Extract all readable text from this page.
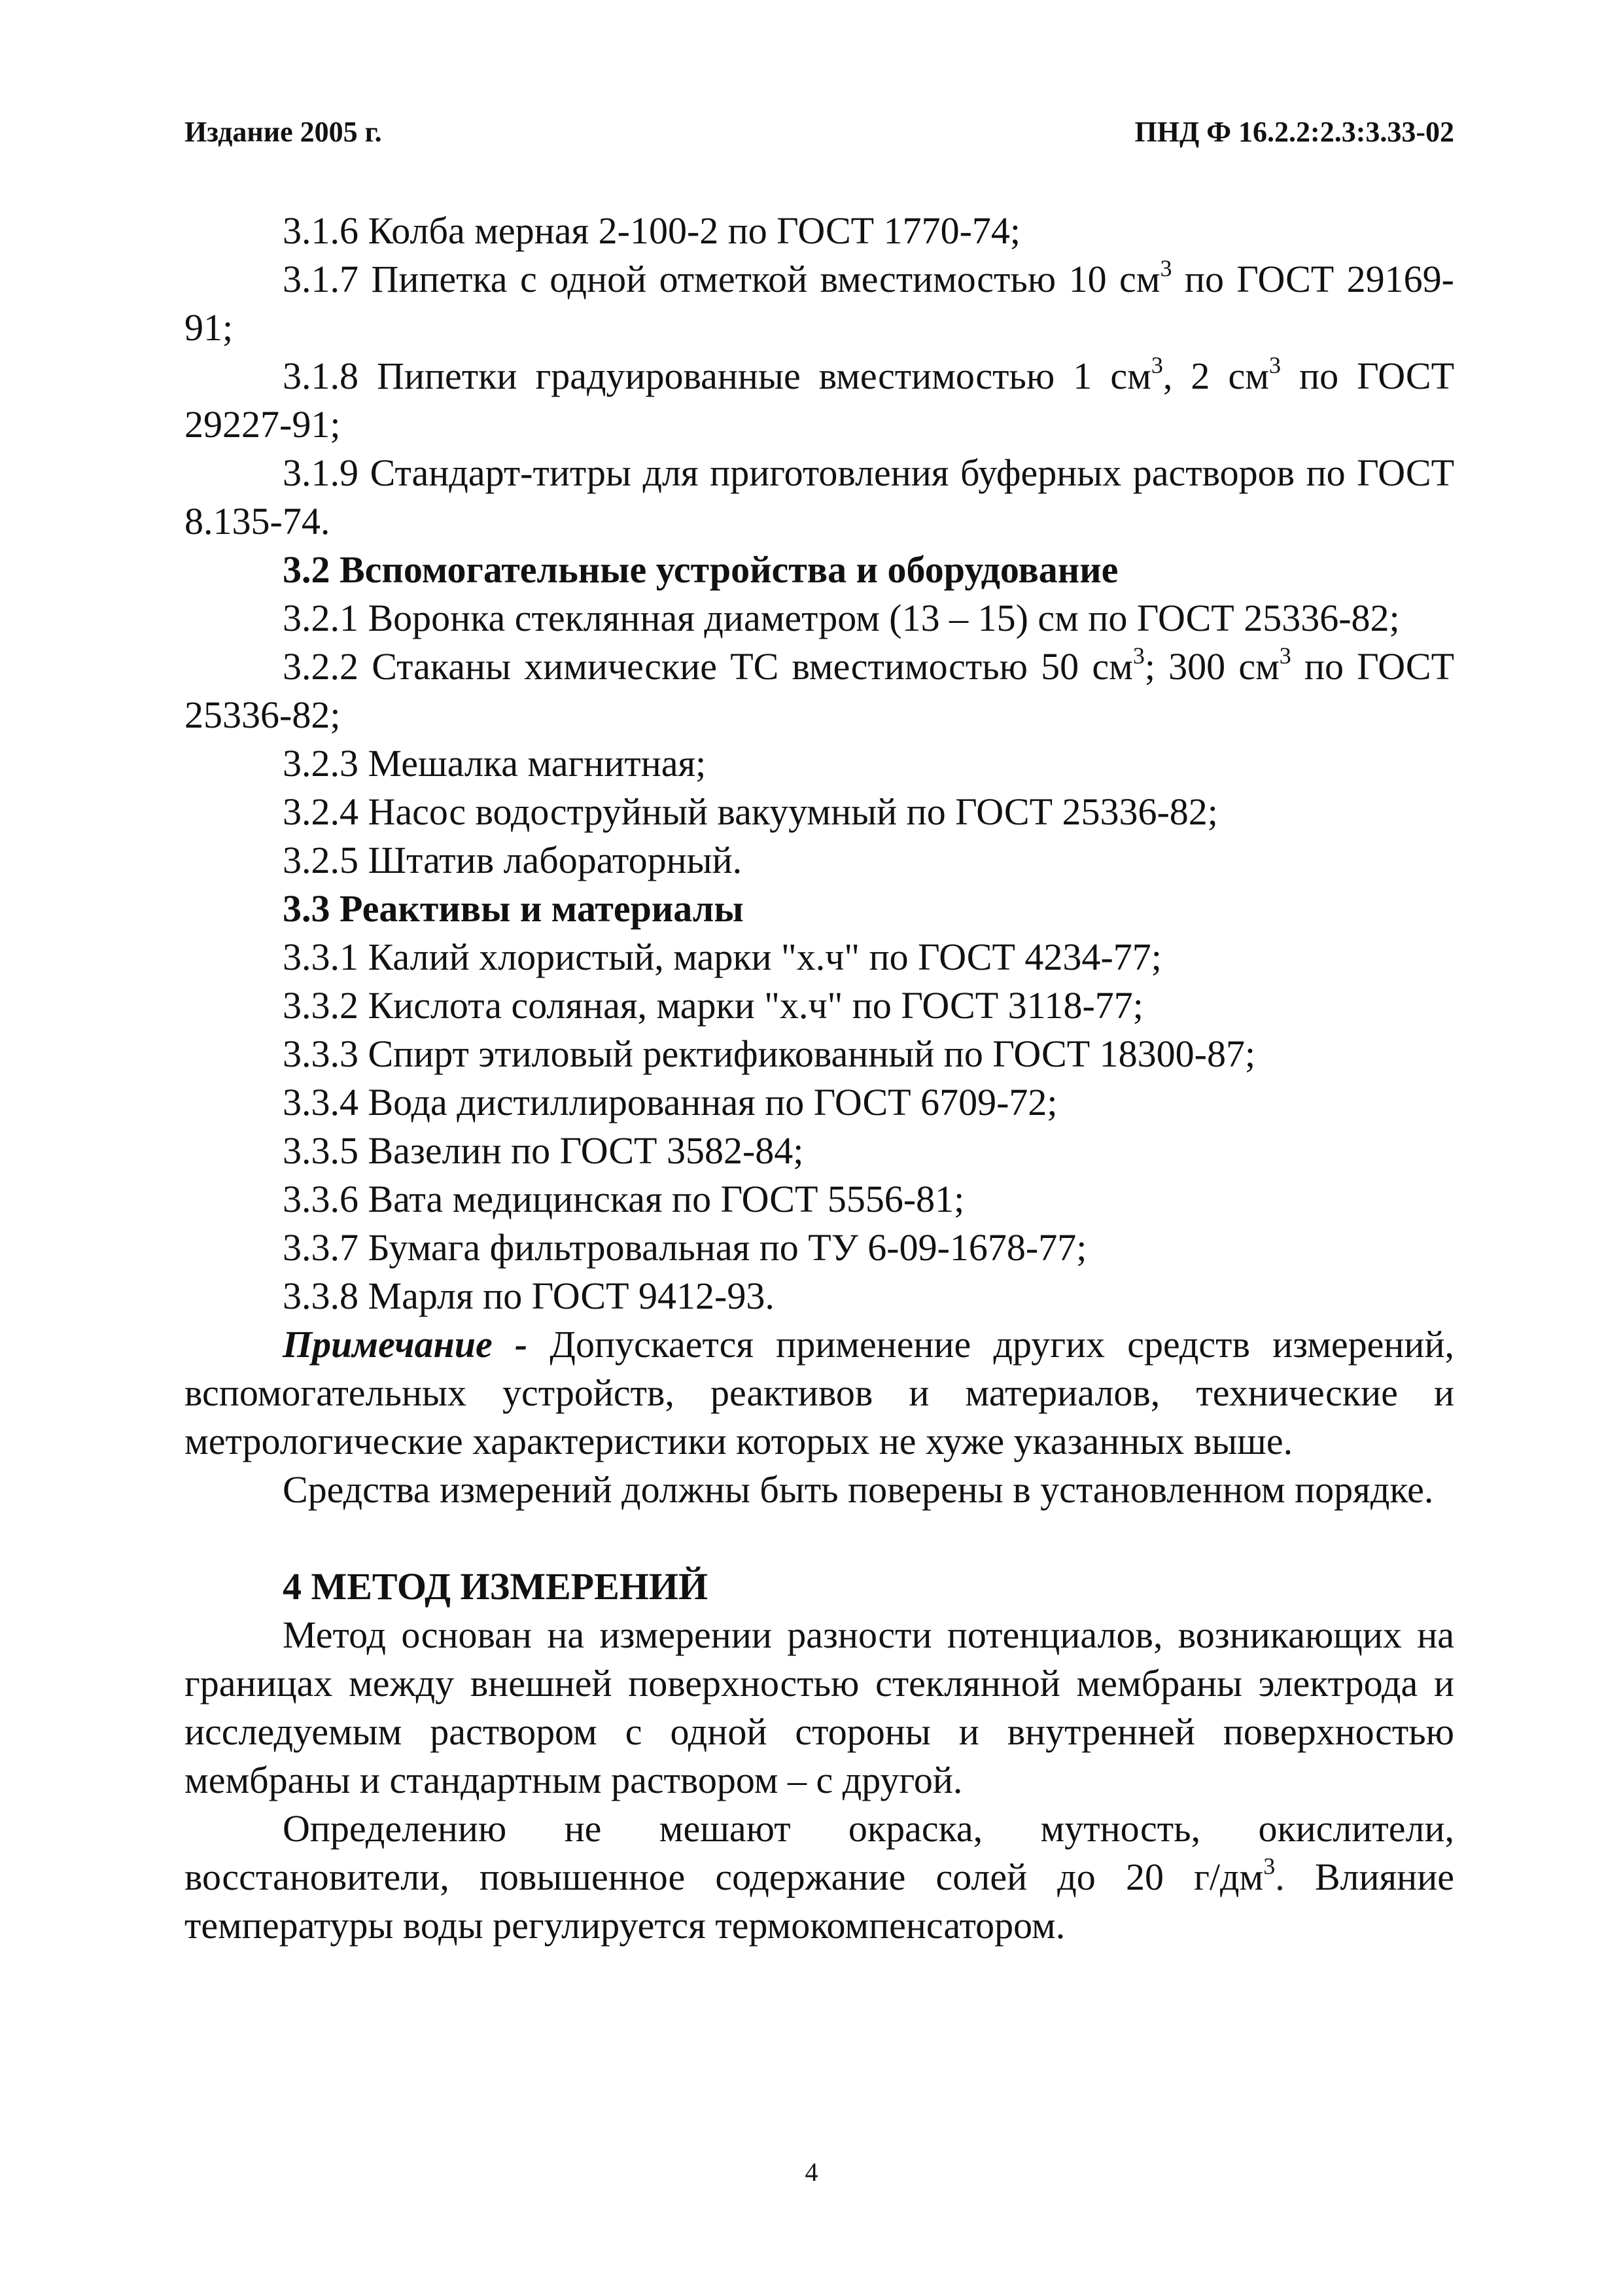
Издание 2005 г.	ПНД Ф 16.2.2:2.3:3.33-02

3.1.6 Колба мерная 2-100-2 по ГОСТ 1770-74;

3.1.7 Пипетка с одной отметкой вместимостью 10 $см^3$ по ГОСТ 29169-91;

3.1.8 Пипетки градуированные вместимостью 1 $см^3$, 2 $см^3$ по ГОСТ 29227-91;

3.1.9 Стандарт-титры для приготовления буферных растворов по ГОСТ 8.135-74.

3.2 Вспомогательные устройства и оборудование

3.2.1 Воронка стеклянная диаметром (13 – 15) см по ГОСТ 25336-82;

3.2.2 Стаканы химические ТС вместимостью 50 $см^3$; 300 $см^3$ по ГОСТ 25336-82;

3.2.3 Мешалка магнитная;

3.2.4 Насос водоструйный вакуумный по ГОСТ 25336-82;

3.2.5 Штатив лабораторный.

3.3 Реактивы и материалы

3.3.1 Калий хлористый, марки "х.ч" по ГОСТ 4234-77;

3.3.2 Кислота соляная, марки "х.ч" по ГОСТ 3118-77;

3.3.3 Спирт этиловый ректификованный по ГОСТ 18300-87;

3.3.4 Вода дистиллированная по ГОСТ 6709-72;

3.3.5 Вазелин по ГОСТ 3582-84;

3.3.6 Вата медицинская по ГОСТ 5556-81;

3.3.7 Бумага фильтровальная по ТУ 6-09-1678-77;

3.3.8 Марля по ГОСТ 9412-93.

Примечание - Допускается применение других средств измерений, вспомогательных устройств, реактивов и материалов, технические и метрологические характеристики которых не хуже указанных выше.

Средства измерений должны быть поверены в установленном порядке.

4 МЕТОД ИЗМЕРЕНИЙ

Метод основан на измерении разности потенциалов, возникающих на границах между внешней поверхностью стеклянной мембраны электрода и исследуемым раствором с одной стороны и внутренней поверхностью мембраны и стандартным раствором – с другой.

Определению не мешают окраска, мутность, окислители, восстановители, повышенное содержание солей до 20 $г/дм^3$. Влияние температуры воды регулируется термокомпенсатором.

4
